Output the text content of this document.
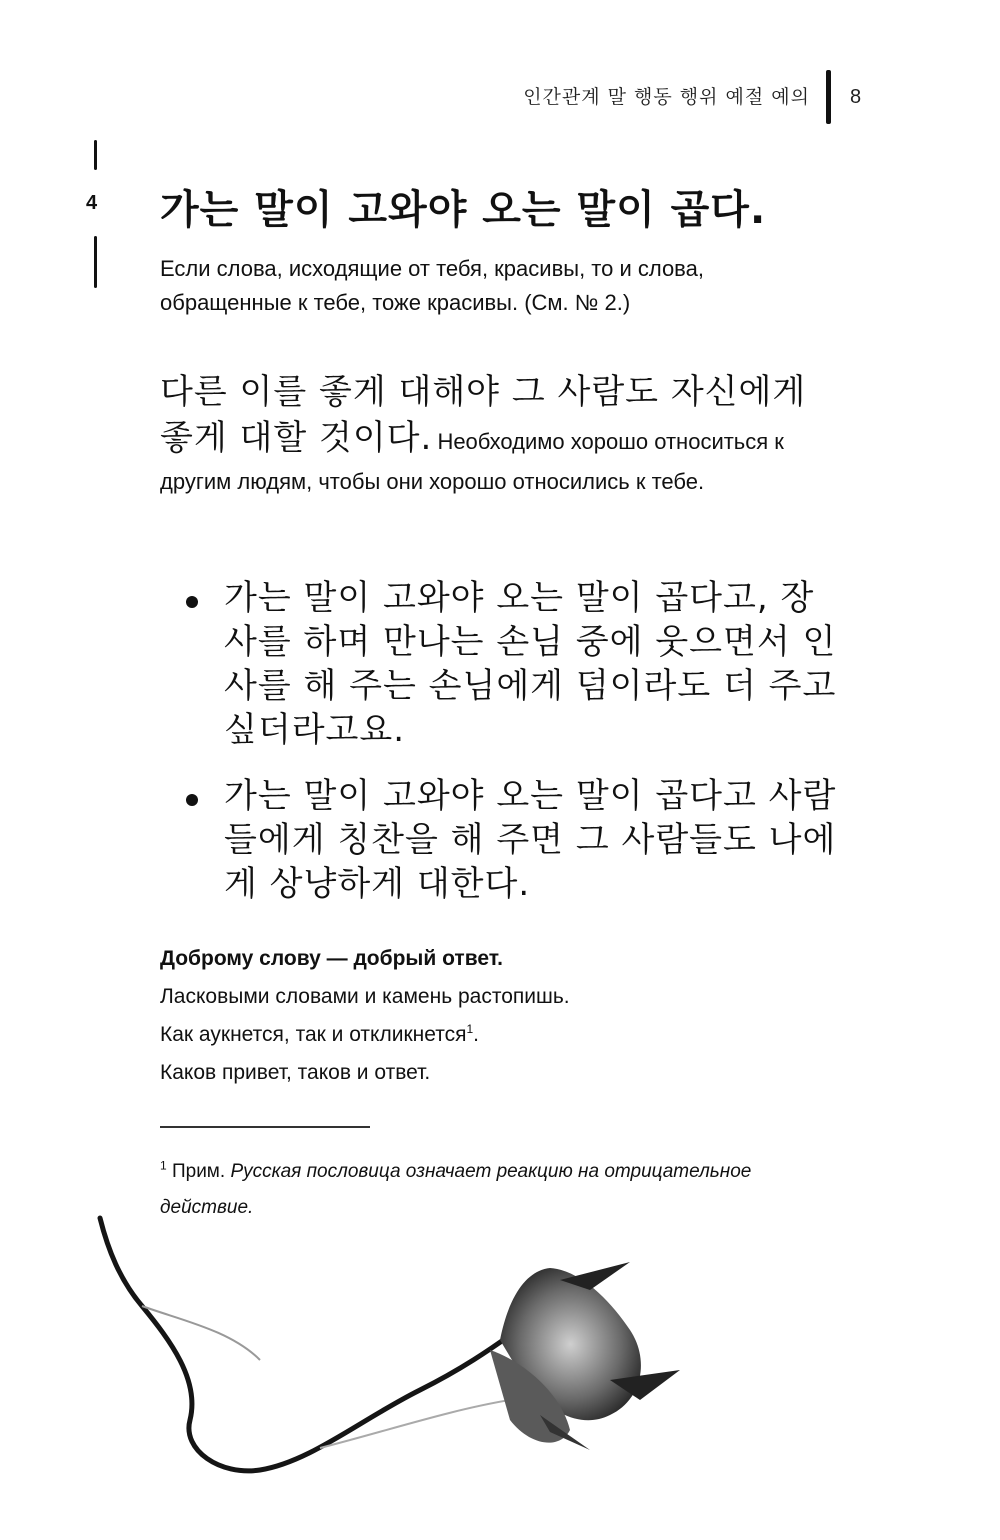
인간관계 말 행동 행위 예절 예의 8
4 가는 말이 고와야 오는 말이 곱다.

Если слова, исходящие от тебя, красивы, то и слова, обращенные к тебе, тоже красивы. (См. № 2.)

다른 이를 좋게 대해야 그 사람도 자신에게 좋게 대할 것이다. Необходимо хорошо относиться к другим людям, чтобы они хорошо относились к тебе.

가는 말이 고와야 오는 말이 곱다고, 장사를 하며 만나는 손님 중에 웃으면서 인사를 해 주는 손님에게 덤이라도 더 주고 싶더라고요.
가는 말이 고와야 오는 말이 곱다고 사람들에게 칭찬을 해 주면 그 사람들도 나에게 상냥하게 대한다.
Доброму слову — добрый ответ.
Ласковыми словами и камень растопишь.
Как аукнется, так и откликнется$^1$.
Каков привет, таков и ответ.

$^1$ Прим. Русская пословица означает реакцию на отрицательное действие.
